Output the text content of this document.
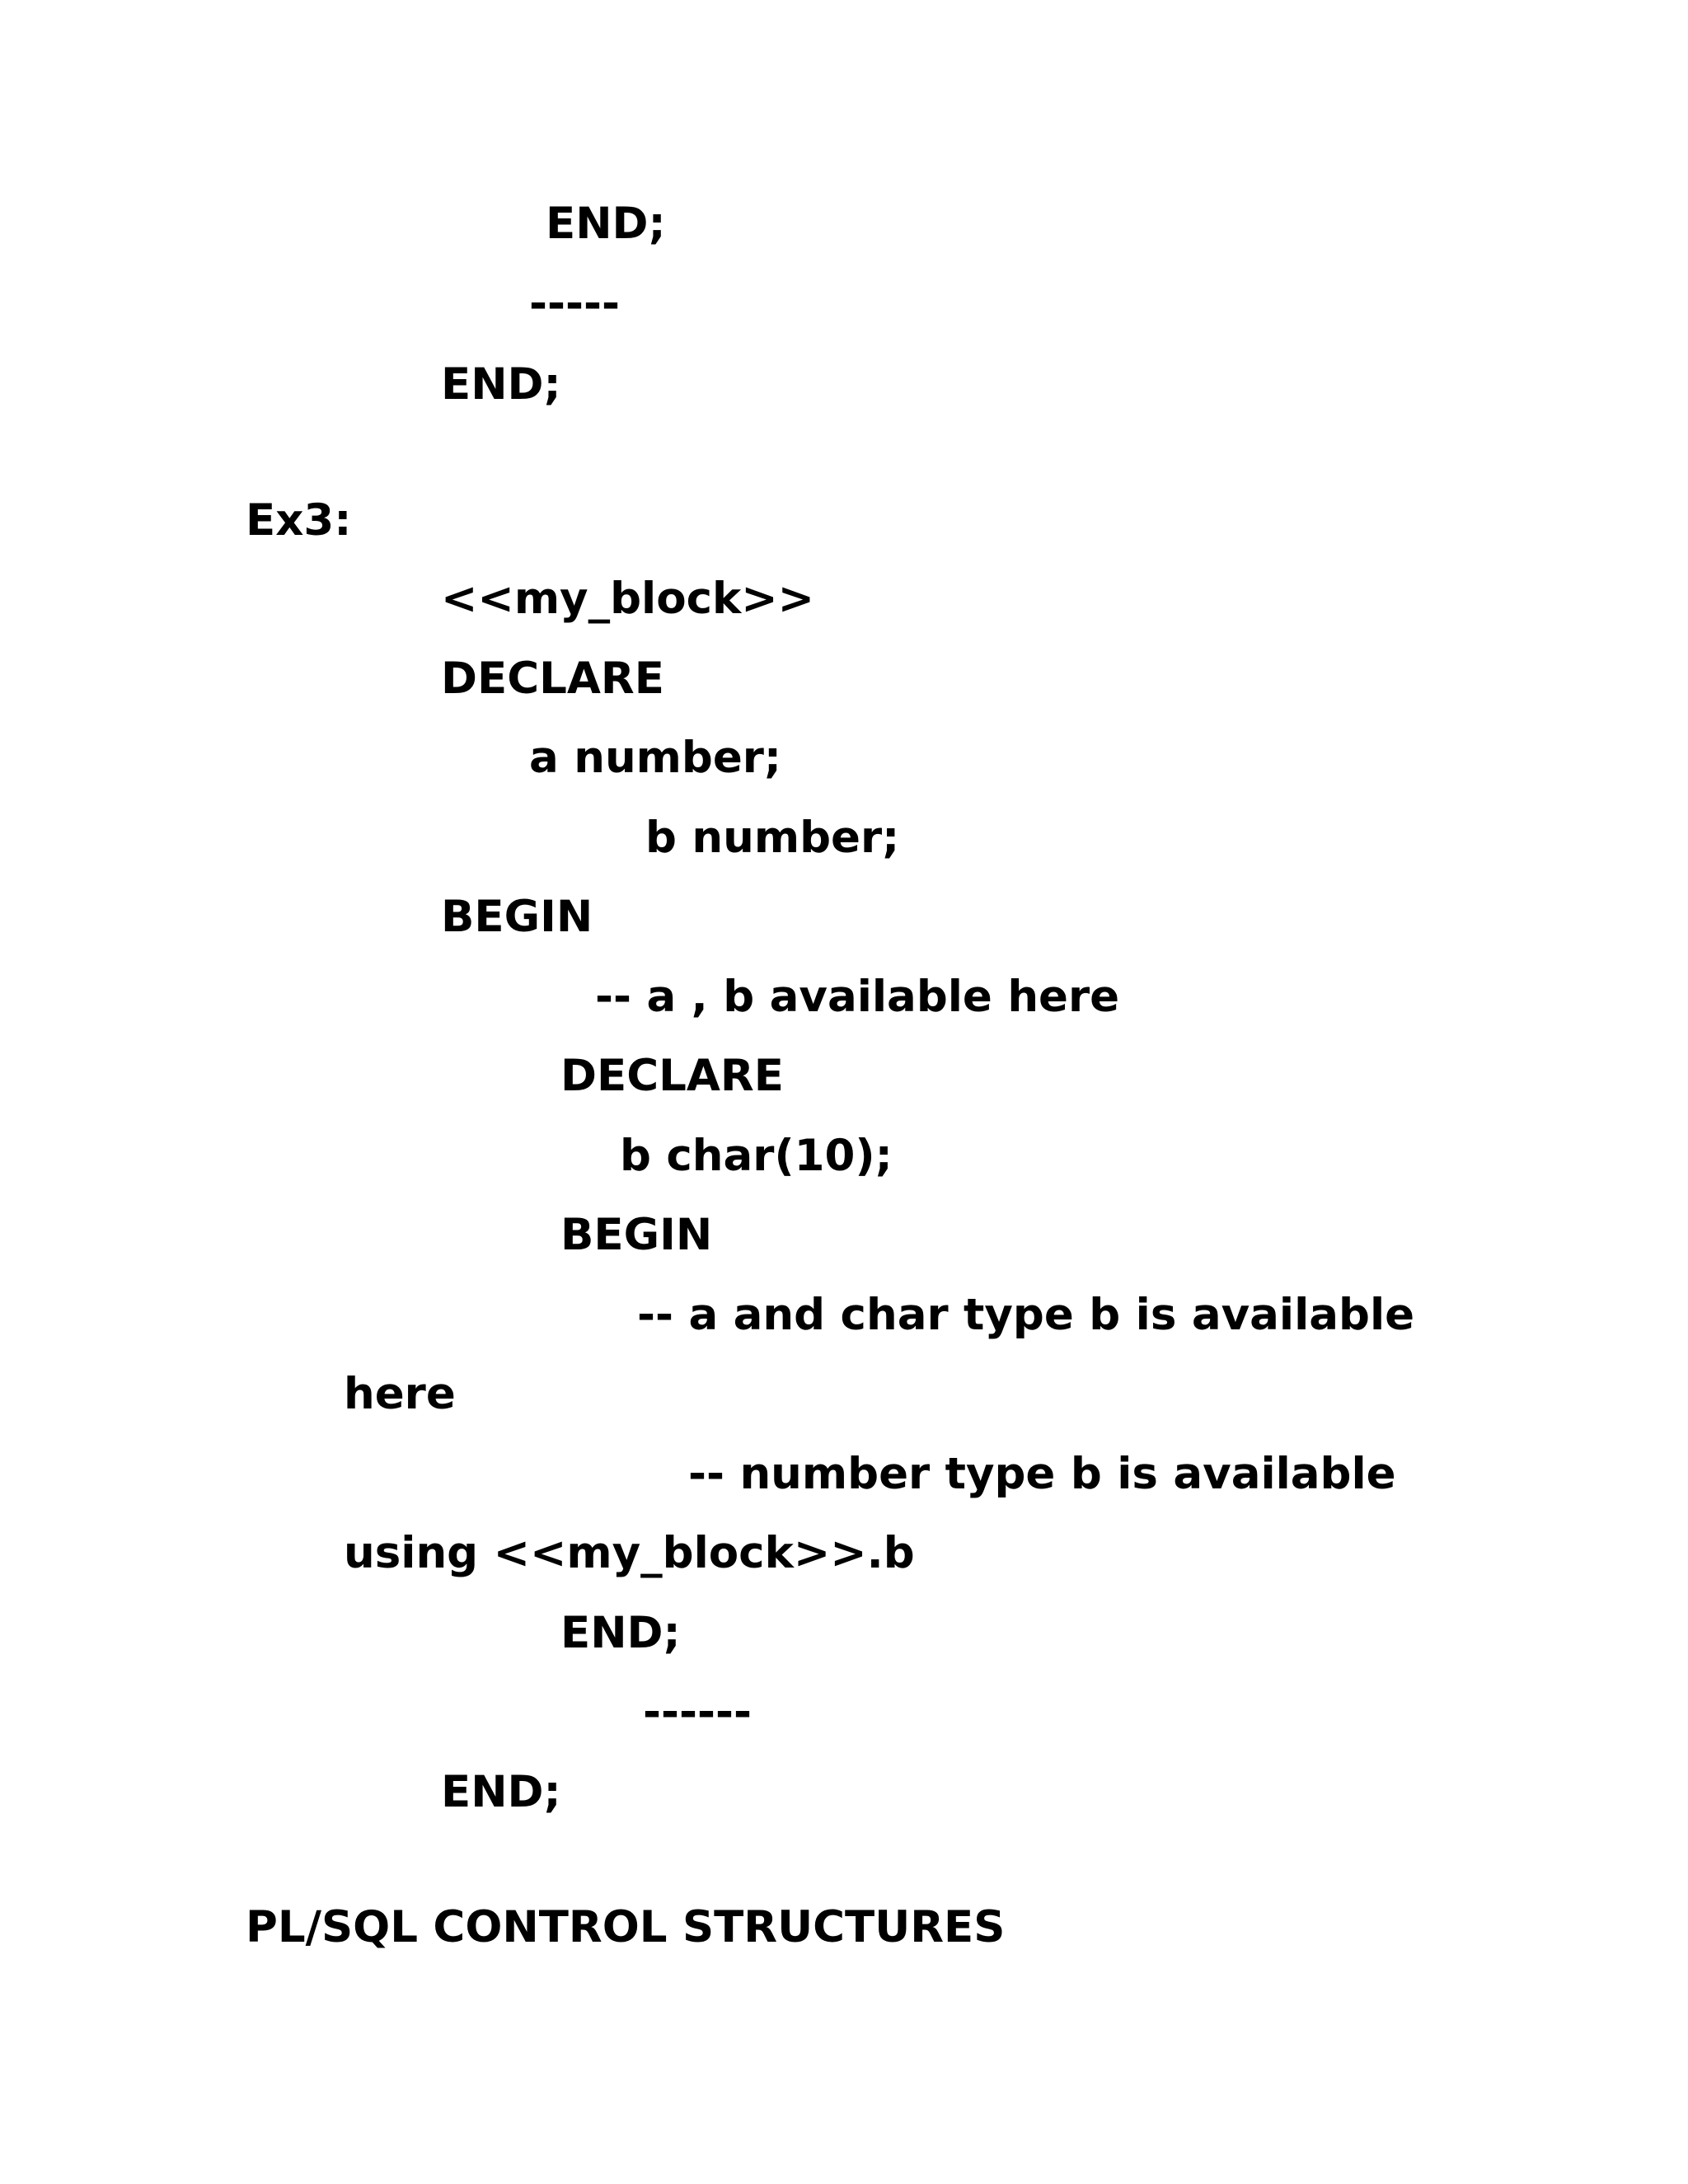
END;
-----
END;
Ex3:
<<my_block>>
DECLARE
a number;
b number;
BEGIN
-- a , b available here
DECLARE
b char(10);
BEGIN
-- a and char type b is available
here
-- number type b is available
using <<my_block>>.b
END;
------
END;
PL/SQL CONTROL STRUCTURES
